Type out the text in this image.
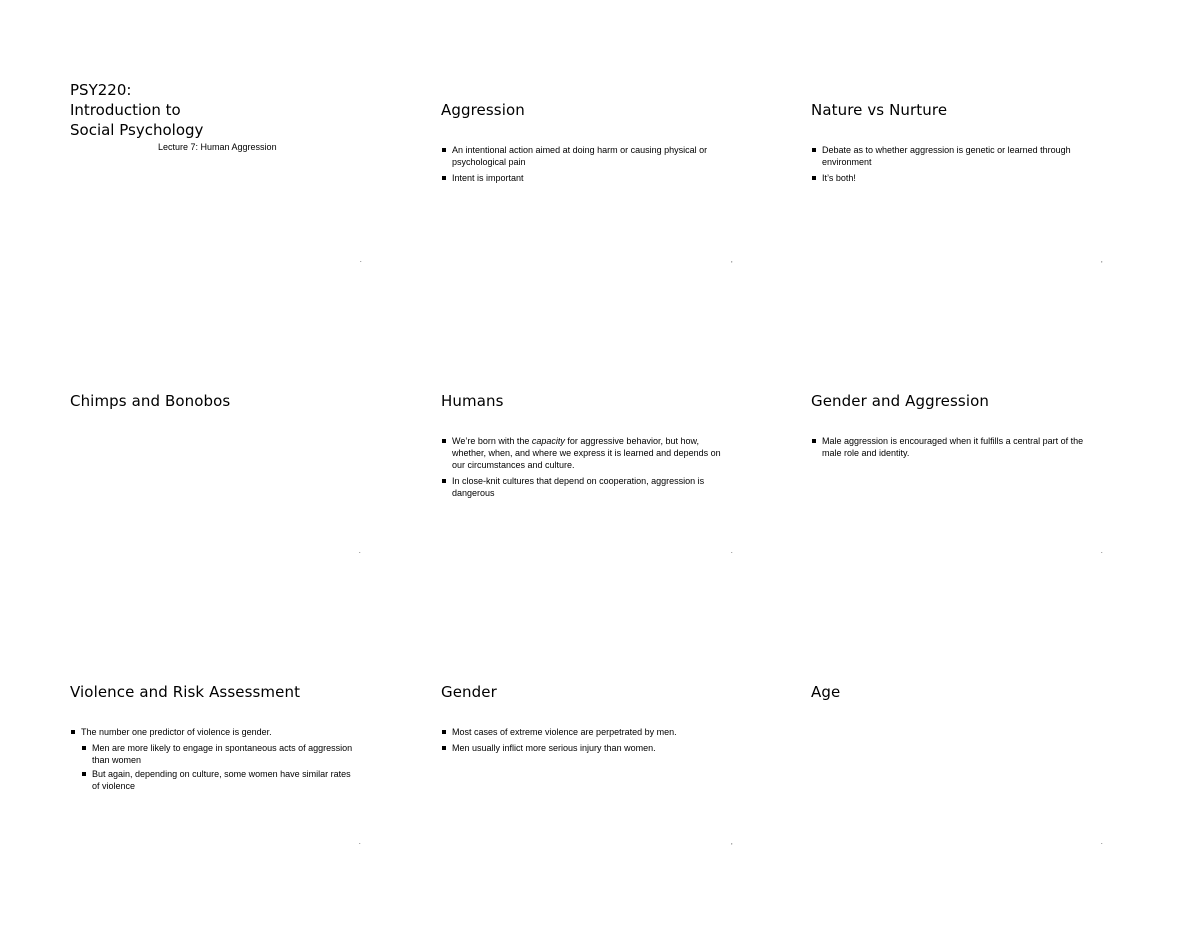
PSY220:
Introduction to
Social Psychology
Lecture 7: Human Aggression
.
Aggression
An intentional action aimed at doing harm or causing physical or psychological pain
Intent is important
,
Nature vs Nurture
Debate as to whether aggression is genetic or learned through environment
It’s both!
,
Chimps and Bonobos
.
Humans
We’re born with the capacity for aggressive behavior, but how, whether, when, and where we express it is learned and depends on our circumstances and culture.
In close-knit cultures that depend on cooperation, aggression is dangerous
.
Gender and Aggression
Male aggression is encouraged when it fulfills a central part of the male role and identity.
.
Violence and Risk Assessment
The number one predictor of violence is gender.
Men are more likely to engage in spontaneous acts of aggression than women
But again, depending on culture, some women have similar rates of violence
.
Gender
Most cases of extreme violence are perpetrated by men.
Men usually inflict more serious injury than women.
,
Age
.
